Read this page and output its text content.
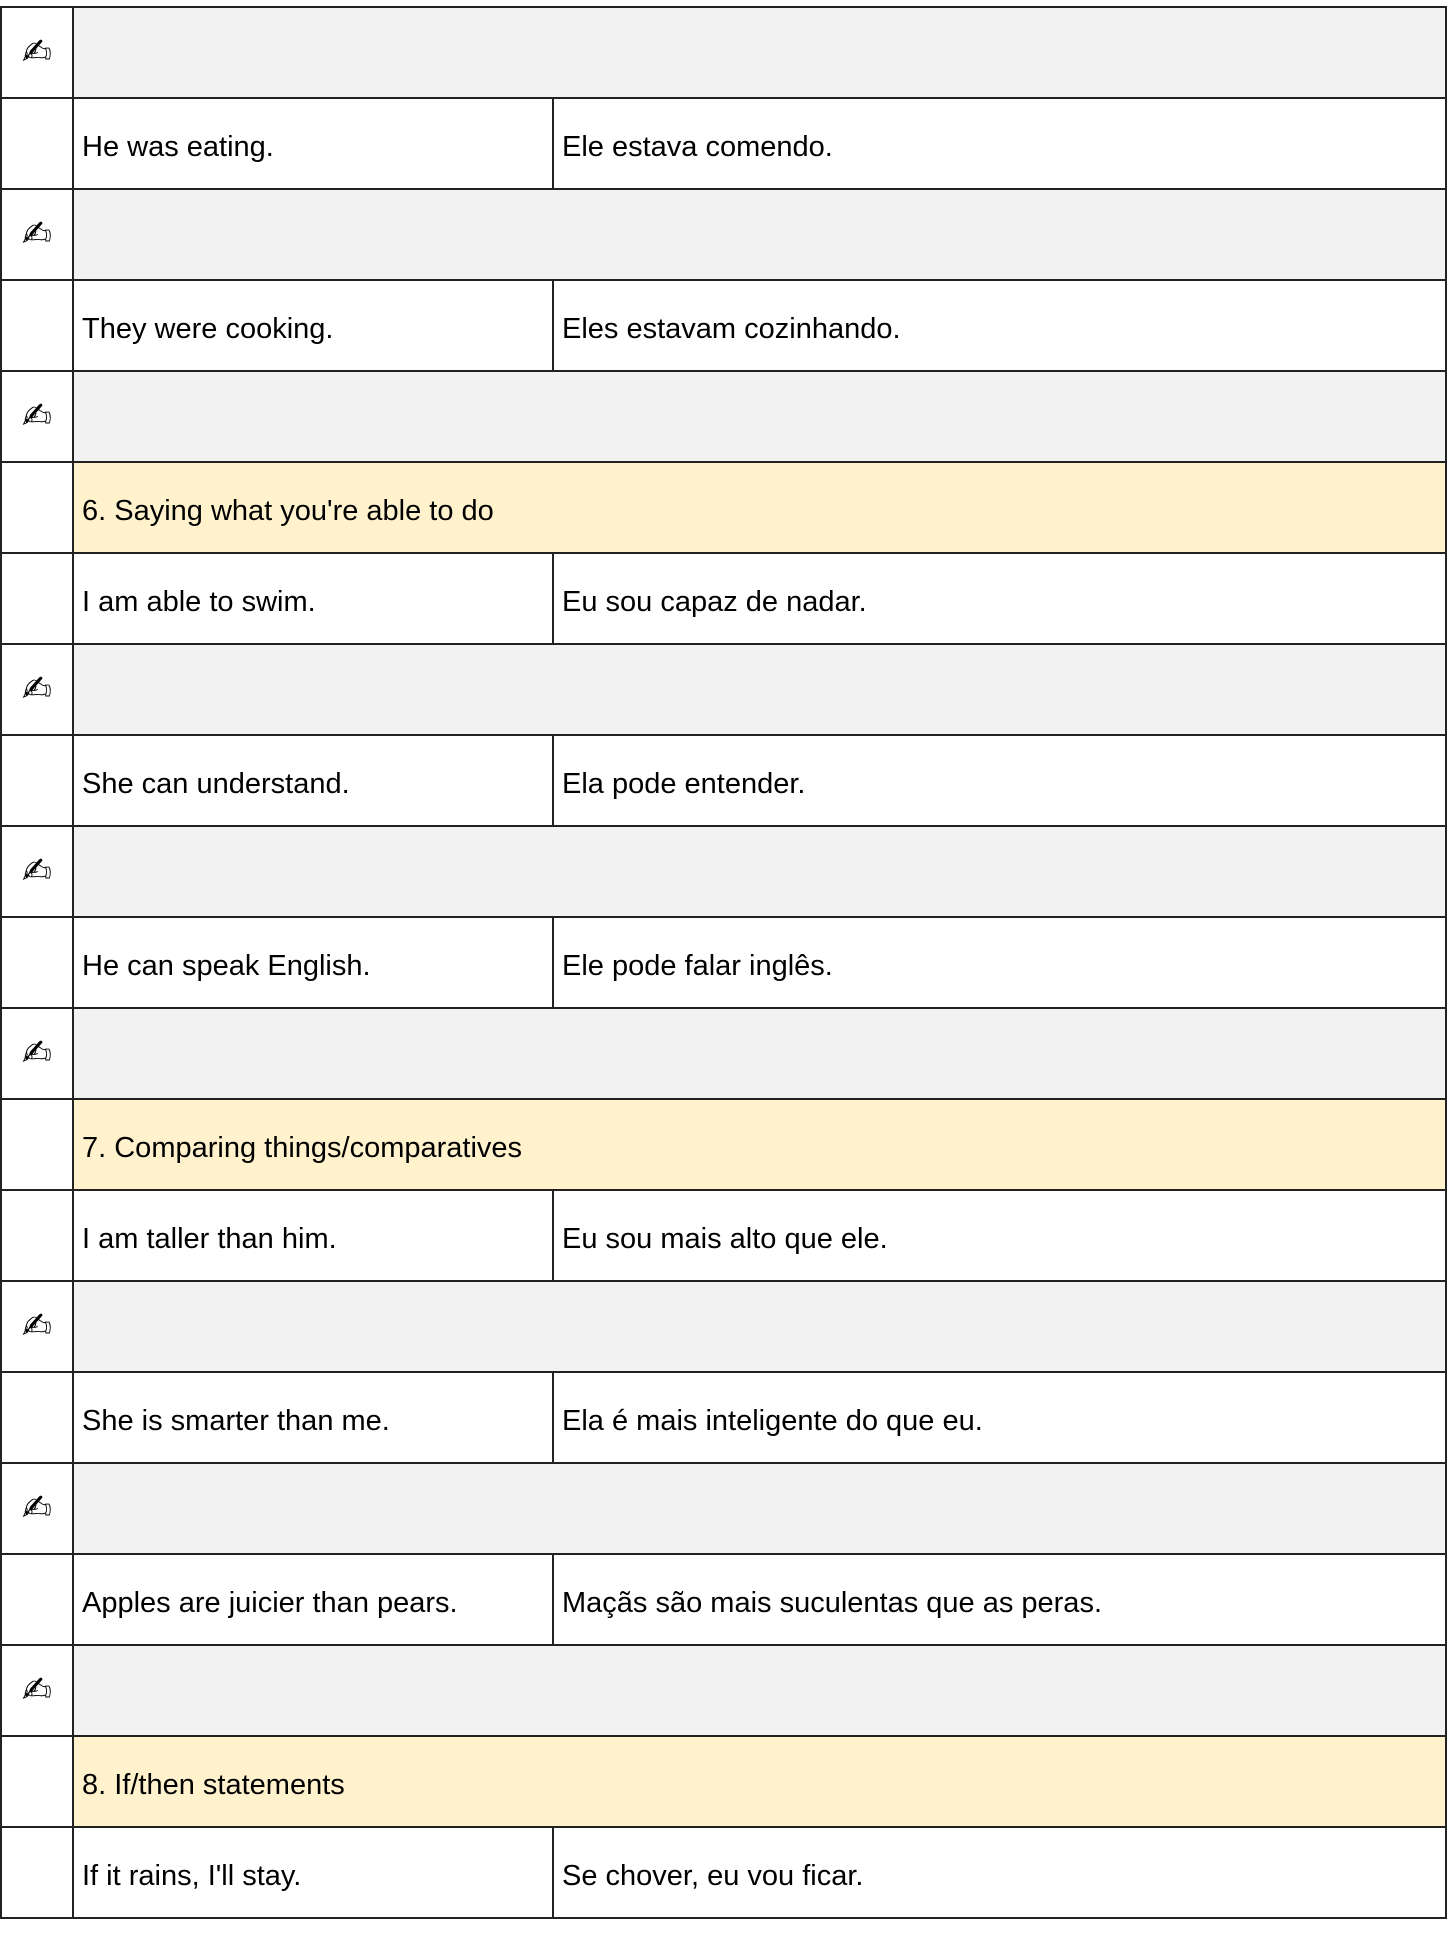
✍		
	He was eating.	Ele estava comendo.
✍		
	They were cooking.	Eles estavam cozinhando.
✍		
	6. Saying what you're able to do	
	I am able to swim.	Eu sou capaz de nadar.
✍		
	She can understand.	Ela pode entender.
✍		
	He can speak English.	Ele pode falar inglês.
✍		
	7. Comparing things/comparatives	
	I am taller than him.	Eu sou mais alto que ele.
✍		
	She is smarter than me.	Ela é mais inteligente do que eu.
✍		
	Apples are juicier than pears.	Maçãs são mais suculentas que as peras.
✍		
	8. If/then statements	
	If it rains, I'll stay.	Se chover, eu vou ficar.
